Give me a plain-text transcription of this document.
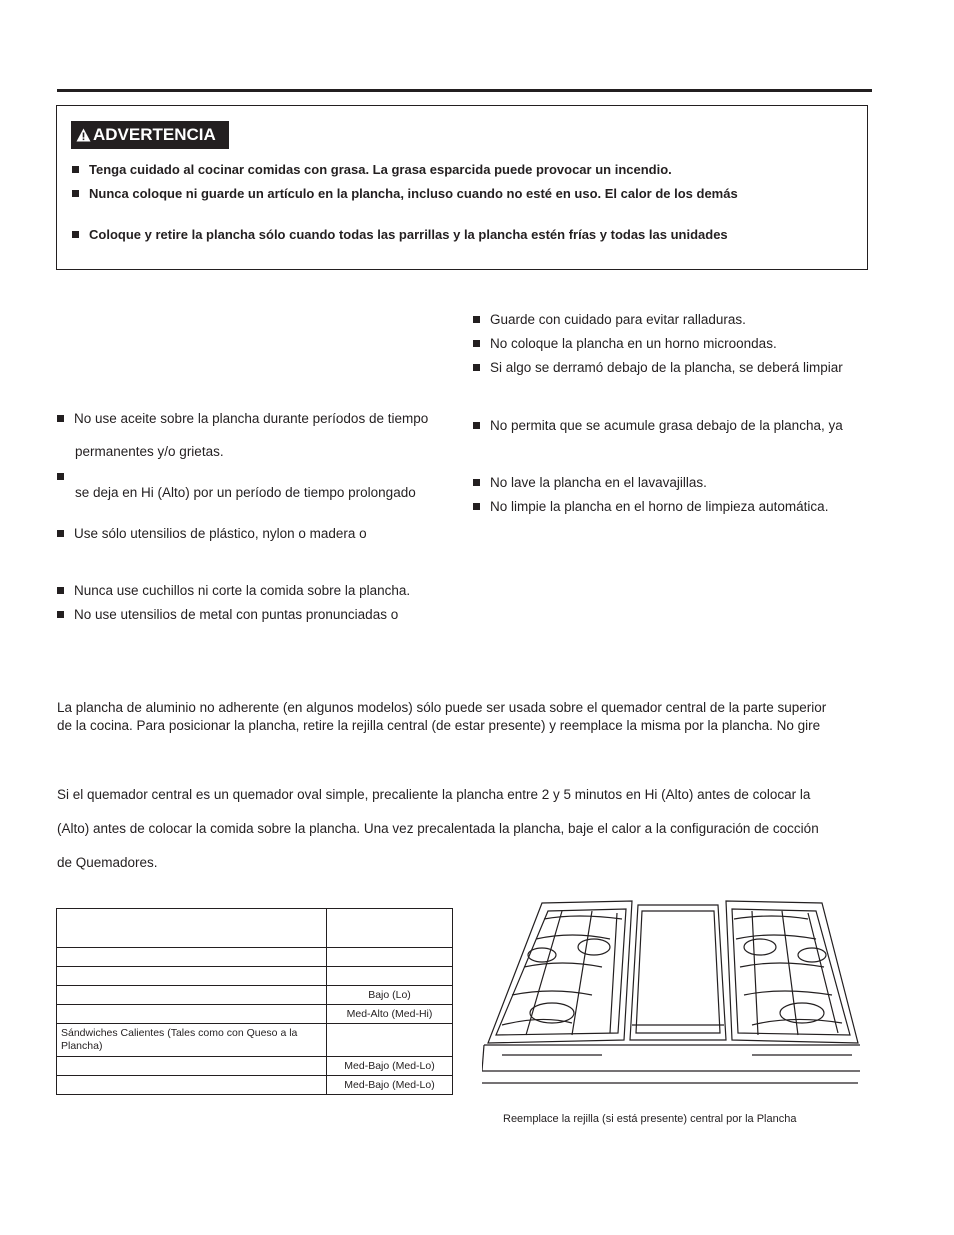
ADVERTENCIA
Tenga cuidado al cocinar comidas con grasa. La grasa esparcida puede provocar un incendio.
Nunca coloque ni guarde un artículo en la plancha, incluso cuando no esté en uso. El calor de los demás
Coloque y retire la plancha sólo cuando todas las parrillas y la plancha estén frías y todas las unidades
No use aceite sobre la plancha durante períodos de tiempo
permanentes y/o grietas.
se deja en Hi (Alto) por un período de tiempo prolongado
Use sólo utensilios de plástico, nylon o madera o
Nunca use cuchillos ni corte la comida sobre la plancha.
No use utensilios de metal con puntas pronunciadas o
Guarde con cuidado para evitar ralladuras.
No coloque la plancha en un horno microondas.
Si algo se derramó debajo de la plancha, se deberá limpiar
No permita que se acumule grasa debajo de la plancha, ya
No lave la plancha en el lavavajillas.
No limpie la plancha en el horno de limpieza automática.
La plancha de aluminio no adherente (en algunos modelos) sólo puede ser usada sobre el quemador central de la parte superior
de la cocina. Para posicionar la plancha, retire la rejilla central (de estar presente) y reemplace la misma por la plancha. No gire
Si el quemador central es un quemador oval simple, precaliente la plancha entre 2 y 5 minutos en Hi (Alto) antes de colocar la
(Alto) antes de colocar la comida sobre la plancha. Una vez precalentada la plancha, baje el calor a la configuración de cocción
de Quemadores.

	Bajo (Lo)
	Med-Alto (Med-Hi)
Sándwiches Calientes (Tales como con Queso a la Plancha)	
	Med-Bajo (Med-Lo)
	Med-Bajo (Med-Lo)
Reemplace la rejilla (si está presente) central por la Plancha
